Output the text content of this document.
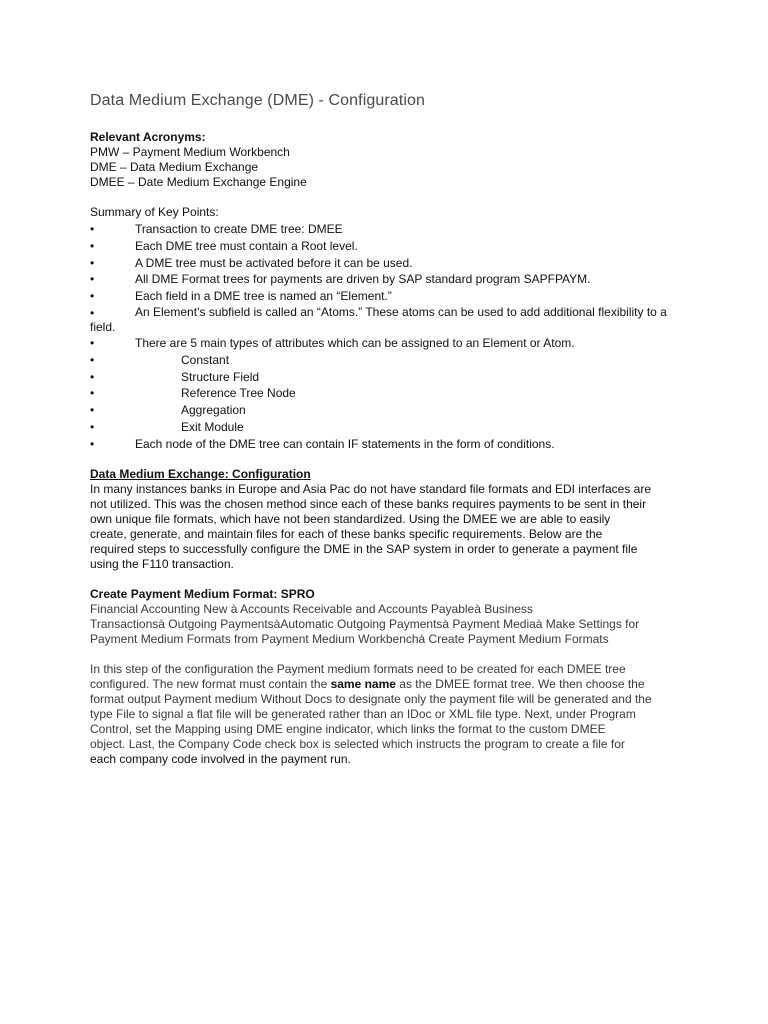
Data Medium Exchange (DME) - Configuration
Relevant Acronyms:
PMW – Payment Medium Workbench
DME – Data Medium Exchange
DMEE – Date Medium Exchange Engine
Summary of Key Points:
•	Transaction to create DME tree: DMEE
•	Each DME tree must contain a Root level.
•	A DME tree must be activated before it can be used.
•	All DME Format trees for payments are driven by SAP standard program SAPFPAYM.
•	Each field in a DME tree is named an “Element.”
•	An Element’s subfield is called an “Atoms.” These atoms can be used to add additional flexibility to a field.
•	There are 5 main types of attributes which can be assigned to an Element or Atom.
•	Constant
•	Structure Field
•	Reference Tree Node
•	Aggregation
•	Exit Module
•	Each node of the DME tree can contain IF statements in the form of conditions.
Data Medium Exchange: Configuration
In many instances banks in Europe and Asia Pac do not have standard file formats and EDI interfaces are
not utilized. This was the chosen method since each of these banks requires payments to be sent in their
own unique file formats, which have not been standardized. Using the DMEE we are able to easily
create, generate, and maintain files for each of these banks specific requirements. Below are the
required steps to successfully configure the DME in the SAP system in order to generate a payment file
using the F110 transaction.
Create Payment Medium Format: SPRO
Financial Accounting New à Accounts Receivable and Accounts Payableà Business
Transactionsà Outgoing PaymentsàAutomatic Outgoing Paymentsà Payment Mediaà Make Settings for
Payment Medium Formats from Payment Medium Workbenchà Create Payment Medium Formats
In this step of the configuration the Payment medium formats need to be created for each DMEE tree
configured. The new format must contain the same name as the DMEE format tree. We then choose the
format output Payment medium Without Docs to designate only the payment file will be generated and the
type File to signal a flat file will be generated rather than an IDoc or XML file type. Next, under Program
Control, set the Mapping using DME engine indicator, which links the format to the custom DMEE
object. Last, the Company Code check box is selected which instructs the program to create a file for
each company code involved in the payment run.
